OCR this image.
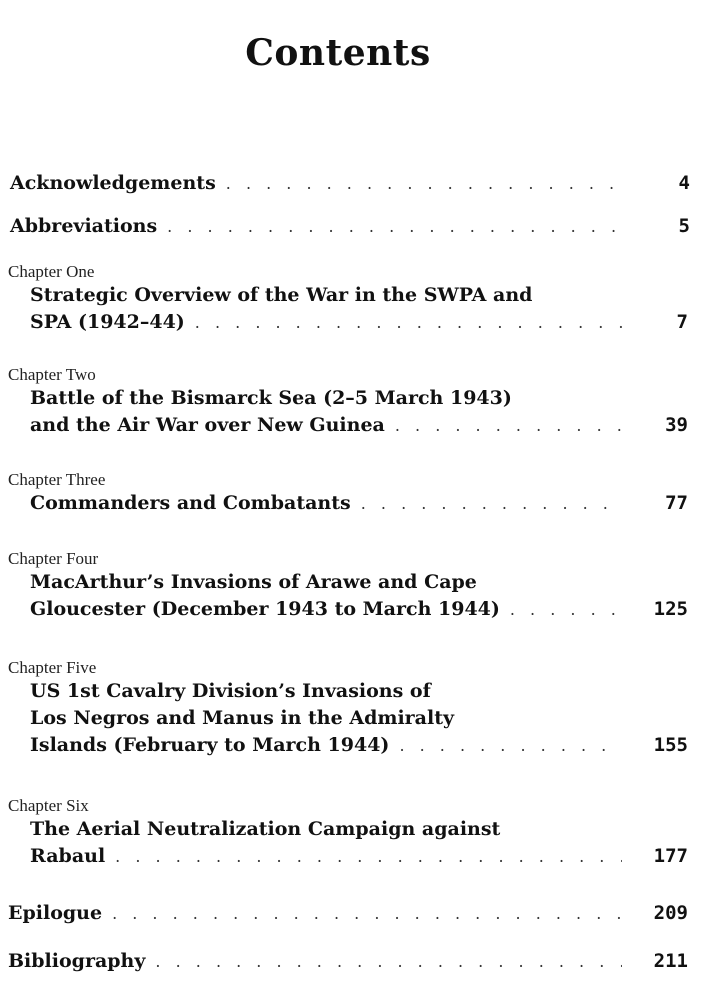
Contents
Acknowledgements . . .	4
Abbreviations . . .	5
Chapter One
Strategic Overview of the War in the SWPA and
SPA (1942–44) . . .	7
Chapter Two
Battle of the Bismarck Sea (2–5 March 1943)
and the Air War over New Guinea . . .	39
Chapter Three
Commanders and Combatants . . .	77
Chapter Four
MacArthur’s Invasions of Arawe and Cape
Gloucester (December 1943 to March 1944) . . .	125
Chapter Five
US 1st Cavalry Division’s Invasions of
Los Negros and Manus in the Admiralty
Islands (February to March 1944) . . .	155
Chapter Six
The Aerial Neutralization Campaign against
Rabaul . . .	177
Epilogue . . .	209
Bibliography . . .	211
